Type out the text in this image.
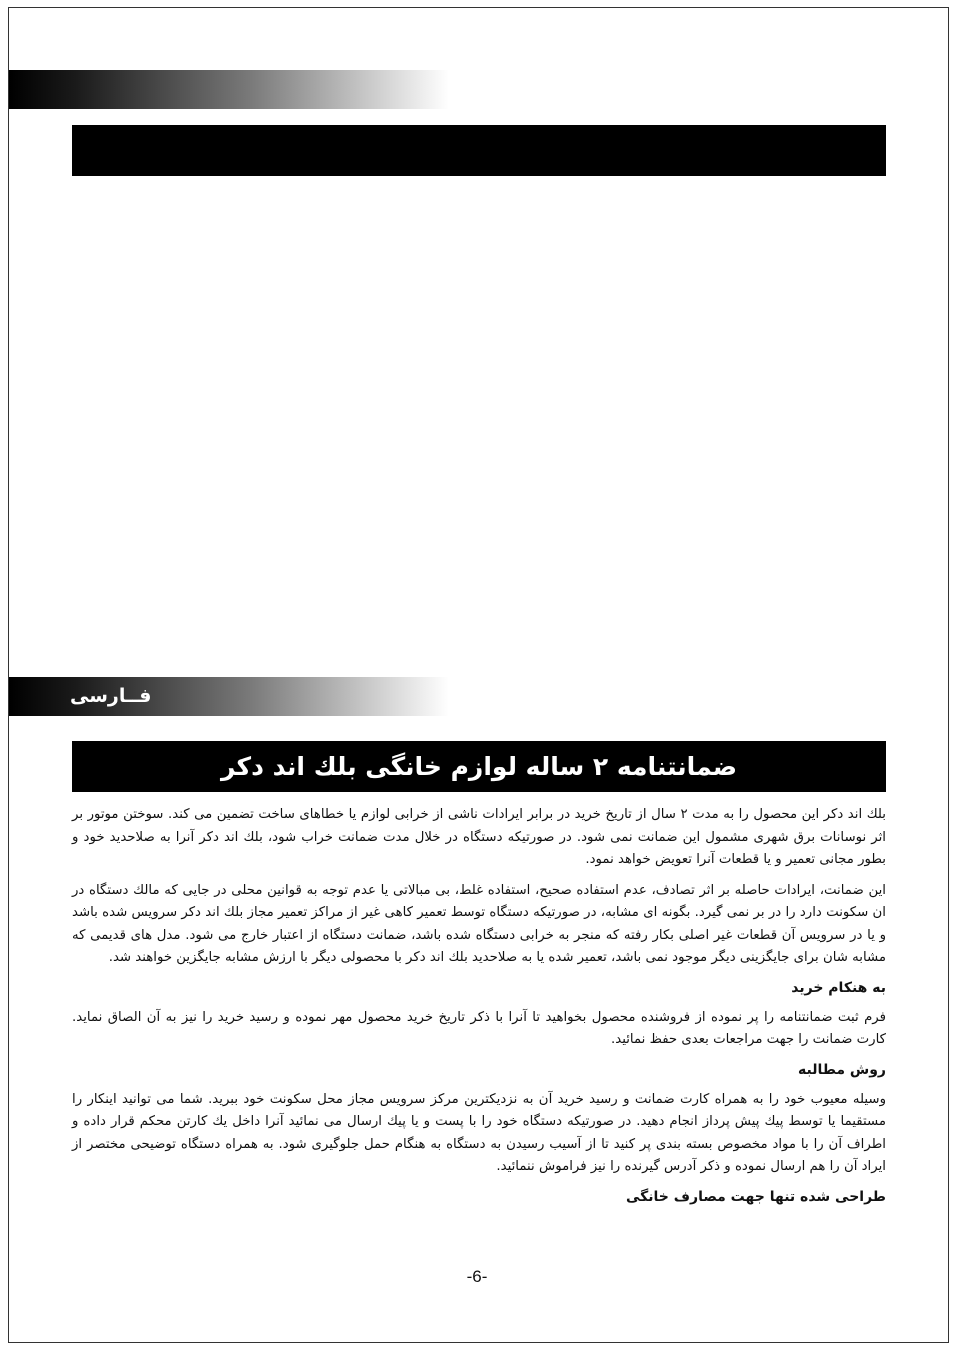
فــارسی
ضمانتنامه ۲ ساله لوازم خانگی بلك اند دكر

بلك اند دكر این محصول را به مدت ۲ سال از تاریخ خرید در برابر ایرادات ناشی از خرابی لوازم یا خطاهای ساخت تضمین می كند. سوختن موتور بر اثر نوسانات برق شهری مشمول این ضمانت نمی شود. در صورتیكه دستگاه در خلال مدت ضمانت خراب شود، بلك اند دكر آنرا به صلاحدید خود و بطور مجانی تعمیر و یا قطعات آنرا تعویض خواهد نمود.

این ضمانت، ایرادات حاصله بر اثر تصادف، عدم استفاده صحیح، استفاده غلط، بی مبالاتی یا عدم توجه به قوانین محلی در جایی كه مالك دستگاه در ان سكونت دارد را در بر نمی گیرد. بگونه ای مشابه، در صورتیكه دستگاه توسط تعمیر كاهی غیر از مراكز تعمیر مجاز بلك اند دكر سرویس شده باشد و یا در سرویس آن قطعات غیر اصلی بكار رفته كه منجر به خرابی دستگاه شده باشد، ضمانت دستگاه از اعتبار خارج می شود. مدل های قدیمی كه مشابه شان برای جایگزینی دیگر موجود نمی باشد، تعمیر شده یا به صلاحدید بلك اند دكر با محصولی دیگر با ارزش مشابه جایگزین خواهند شد.

به هنكام خرید

فرم ثبت ضمانتنامه را پر نموده از فروشنده محصول بخواهید تا آنرا با ذكر تاریخ خرید محصول مهر نموده و رسید خرید را نیز به آن الصاق نماید. كارت ضمانت را جهت مراجعات بعدی حفظ نمائید.

روش مطالبه

وسیله معیوب خود را به همراه كارت ضمانت و رسید خرید آن به نزدیكترین مركز سرویس مجاز محل سكونت خود ببرید. شما می توانید اینكار را مستقیما یا توسط پیك پیش پرداز انجام دهید. در صورتیكه دستگاه خود را با پست و یا پیك ارسال می نمائید آنرا داخل یك كارتن محكم قرار داده و اطراف آن را با مواد مخصوص بسته بندی پر كنید تا از آسیب رسیدن به دستگاه به هنگام حمل جلوگیری شود. به همراه دستگاه توضیحی مختصر از ایراد آن را هم ارسال نموده و ذكر آدرس گیرنده را نیز فراموش ننمائید.

طراحی شده تنها جهت مصارف خانگی
-6-
